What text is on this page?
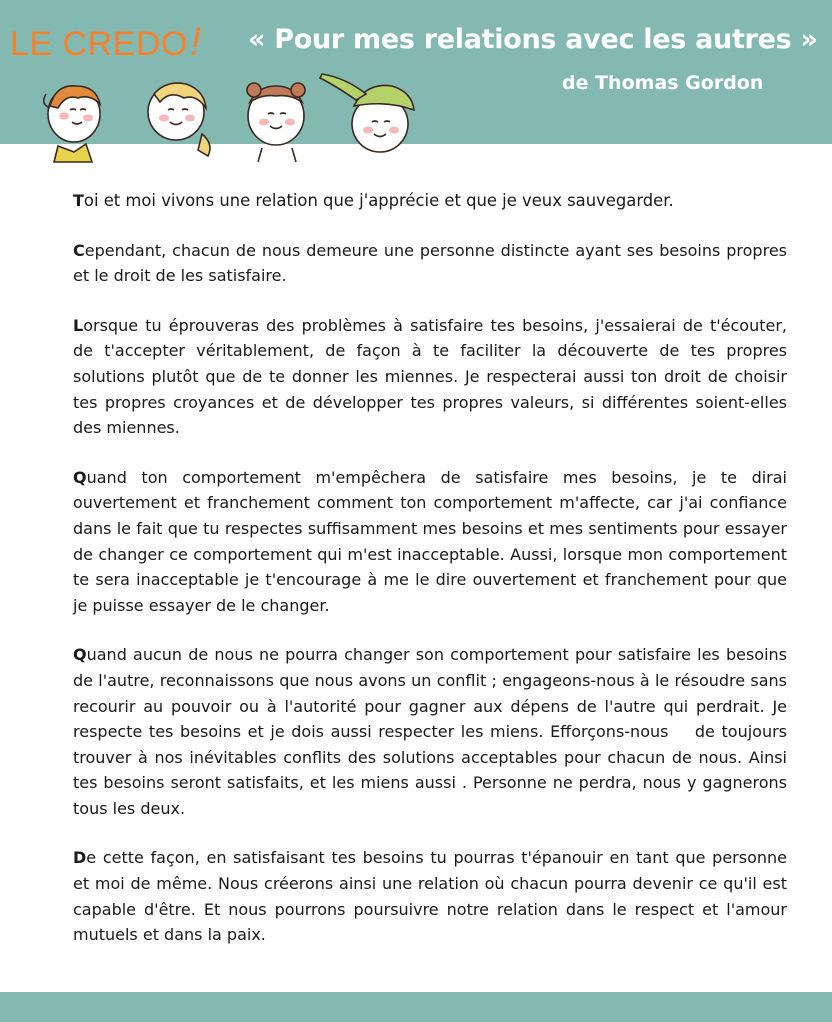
LE CREDO! « Pour mes relations avec les autres »
de Thomas Gordon

Toi et moi vivons une relation que j'apprécie et que je veux sauvegarder.

Cependant, chacun de nous demeure une personne distincte ayant ses besoins propres et le droit de les satisfaire.

Lorsque tu éprouveras des problèmes à satisfaire tes besoins, j'essaierai de t'écouter, de t'accepter véritablement, de façon à te faciliter la découverte de tes propres solutions plutôt que de te donner les miennes. Je respecterai aussi ton droit de choisir tes propres croyances et de développer tes propres valeurs, si différentes soient-elles des miennes.

Quand ton comportement m'empêchera de satisfaire mes besoins, je te dirai ouvertement et franchement comment ton comportement m'affecte, car j'ai confiance dans le fait que tu respectes suffisamment mes besoins et mes sentiments pour essayer de changer ce comportement qui m'est inacceptable. Aussi, lorsque mon comportement te sera inacceptable je t'encourage à me le dire ouvertement et franchement pour que je puisse essayer de le changer.

Quand aucun de nous ne pourra changer son comportement pour satisfaire les besoins de l'autre, reconnaissons que nous avons un conflit ; engageons-nous à le résoudre sans recourir au pouvoir ou à l'autorité pour gagner aux dépens de l'autre qui perdrait. Je respecte tes besoins et je dois aussi respecter les miens. Efforçons-nous    de toujours trouver à nos inévitables conflits des solutions acceptables pour chacun de nous. Ainsi tes besoins seront satisfaits, et les miens aussi . Personne ne perdra, nous y gagnerons tous les deux.

De cette façon, en satisfaisant tes besoins tu pourras t'épanouir en tant que personne et moi de même. Nous créerons ainsi une relation où chacun pourra devenir ce qu'il est capable d'être. Et nous pourrons poursuivre notre relation dans le respect et l'amour mutuels et dans la paix.
